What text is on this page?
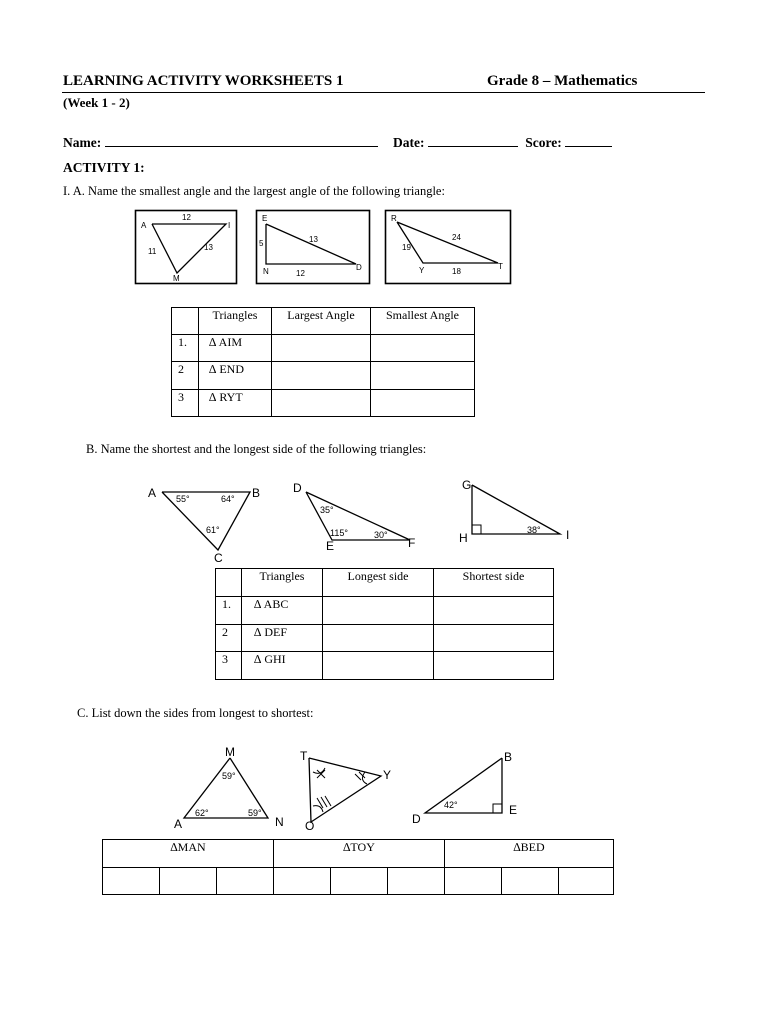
LEARNING ACTIVITY WORKSHEETS 1	Grade 8 – Mathematics
(Week 1 - 2)
Name:	Date:	Score:
ACTIVITY 1:
I. A. Name the smallest angle and the largest angle of the following triangle:
A	I
M
12
11	13
E
N	D
5	13
12
R
Y	T
19
24
18
	Triangles	Largest Angle	Smallest Angle
1.	∆ AIM		
2	∆ END		
3	∆ RYT		
B. Name the shortest and the longest side of the following triangles:
A	B
C
55°	64°
61°
D
E	F
35°
115°	30°
G
H	I
38°
	Triangles	Longest side	Shortest side
1.	∆ ABC		
2	∆ DEF		
3	∆ GHI		
C. List down the sides from longest to shortest:
M
A	N
59°
62°	59°
T
Y
O
B
D
E
42°
∆MAN			∆TOY			∆BED		
